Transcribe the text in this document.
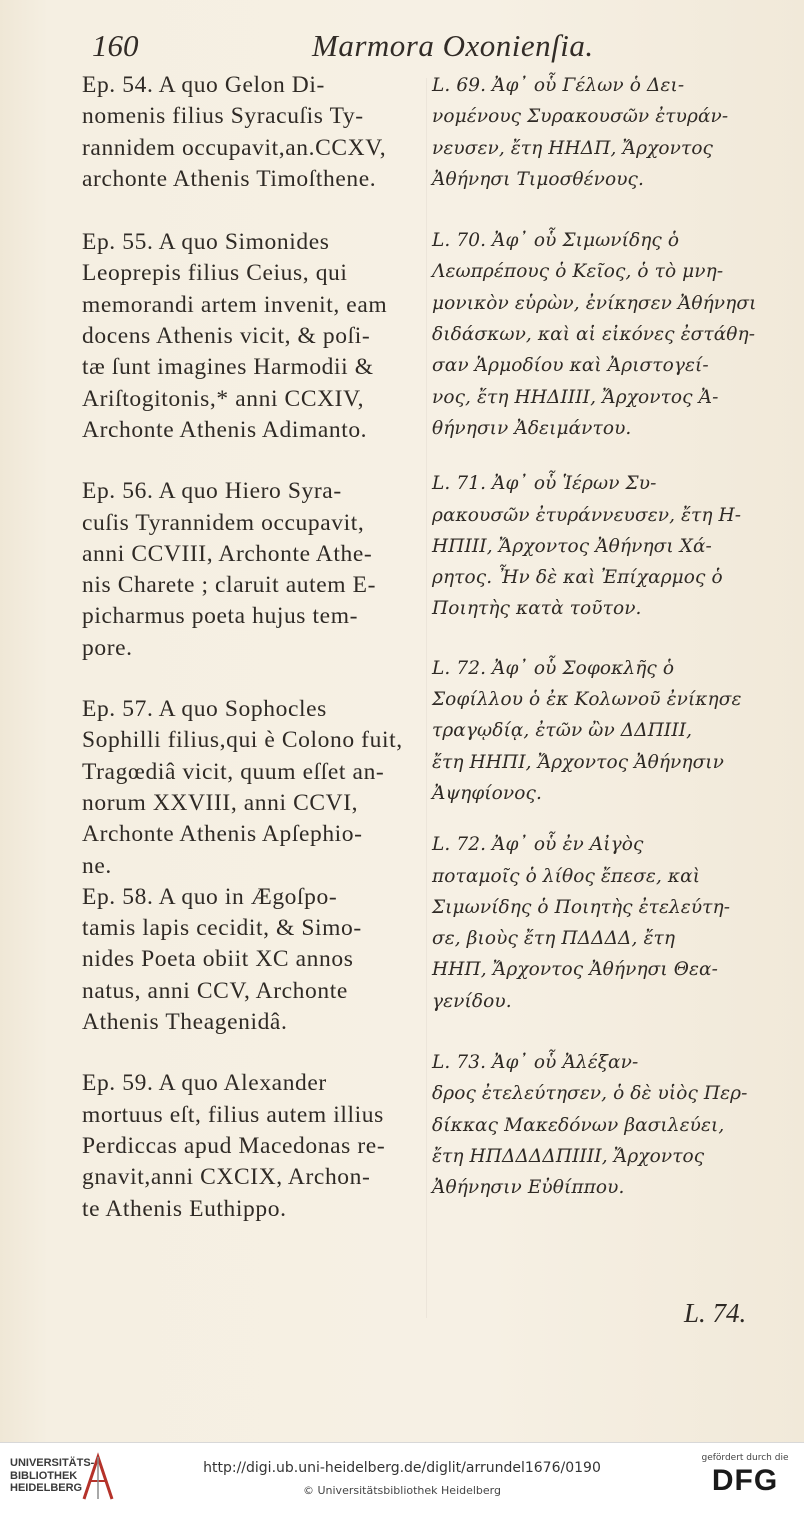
160	Marmora Oxonienſia.

Ep. 54. A quo Gelon Di-
nomenis filius Syracuſis Ty-
rannidem occupavit,an.CCXV,
archonte Athenis Timoſthene.

Ep. 55. A quo Simonides
Leoprepis filius Ceius, qui
memorandi artem invenit, eam
docens Athenis vicit, & poſi-
tæ ſunt imagines Harmodii &
Ariſtogitonis,* anni CCXIV,
Archonte Athenis Adimanto.

Ep. 56. A quo Hiero Syra-
cuſis Tyrannidem occupavit,
anni CCVIII, Archonte Athe-
nis Charete ; claruit autem E-
picharmus poeta hujus tem-
pore.

Ep. 57. A quo Sophocles
Sophilli filius,qui è Colono fuit,
Tragœdiâ vicit, quum eſſet an-
norum XXVIII, anni CCVI,
Archonte Athenis Apſephio-
ne.

Ep. 58. A quo in Ægoſpo-
tamis lapis cecidit, & Simo-
nides Poeta obiit XC annos
natus, anni CCV, Archonte
Athenis Theagenidâ.

Ep. 59. A quo Alexander
mortuus eſt, filius autem illius
Perdiccas apud Macedonas re-
gnavit,anni CXCIX, Archon-
te Athenis Euthippo.

L. 69. Ἀφ᾽ οὗ Γέλων ὁ Δει-
νομένους Συρακουσῶν ἐτυράν-
νευσεν, ἔτη ΗΗΔΠ, Ἄρχοντος
Ἀθήνησι Τιμοσθένους.

L. 70. Ἀφ᾽ οὗ Σιμωνίδης ὁ
Λεωπρέπους ὁ Κεῖος, ὁ τὸ μνη-
μονικὸν εὑρὼν, ἐνίκησεν Ἀθήνησι
διδάσκων, καὶ αἱ εἰκόνες ἐστάθη-
σαν Ἁρμοδίου καὶ Ἀριστογεί-
νος, ἔτη ΗΗΔΙΙΙΙ, Ἄρχοντος Ἀ-
θήνησιν Ἀδειμάντου.

L. 71. Ἀφ᾽ οὗ Ἱέρων Συ-
ρακουσῶν ἐτυράννευσεν, ἔτη Η-
ΗΠΙΙΙ, Ἄρχοντος Ἀθήνησι Χά-
ρητος. Ἦν δὲ καὶ Ἐπίχαρμος ὁ
Ποιητὴς κατὰ τοῦτον.

L. 72. Ἀφ᾽ οὗ Σοφοκλῆς ὁ
Σοφίλλου ὁ ἐκ Κολωνοῦ ἐνίκησε
τραγῳδίᾳ, ἐτῶν ὢν ΔΔΠΙΙΙ,
ἔτη ΗΗΠΙ, Ἄρχοντος Ἀθήνησιν
Ἀψηφίονος.

L. 72. Ἀφ᾽ οὗ ἐν Αἰγὸς
ποταμοῖς ὁ λίθος ἔπεσε, καὶ
Σιμωνίδης ὁ Ποιητὴς ἐτελεύτη-
σε, βιοὺς ἔτη ΠΔΔΔΔ, ἔτη
ΗΗΠ, Ἄρχοντος Ἀθήνησι Θεα-
γενίδου.

L. 73. Ἀφ᾽ οὗ Ἀλέξαν-
δρος ἐτελεύτησεν, ὁ δὲ υἱὸς Περ-
δίκκας Μακεδόνων βασιλεύει,
ἔτη ΗΠΔΔΔΔΠΙΙΙΙ, Ἄρχοντος
Ἀθήνησιν Εὐθίππου.

L. 74.
UNIVERSITÄTS-
BIBLIOTHEK
HEIDELBERG
gefördert durch die
DFG
http://digi.ub.uni-heidelberg.de/diglit/arrundel1676/0190
© Universitätsbibliothek Heidelberg
